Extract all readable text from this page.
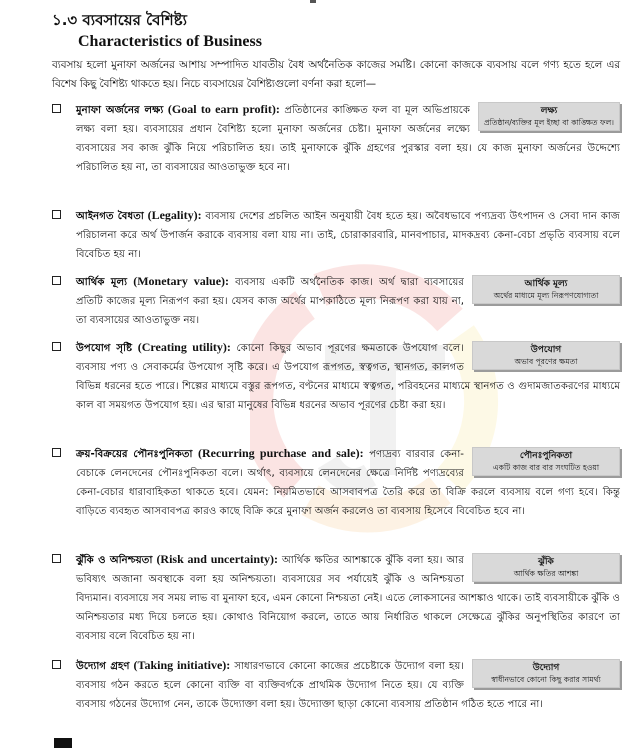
১.৩ ব্যবসায়ের বৈশিষ্ট্য
Characteristics of Business
ব্যবসায় হলো মুনাফা অর্জনের আশায় সম্পাদিত যাবতীয় বৈধ অর্থনৈতিক কাজের সমষ্টি। কোনো কাজকে ব্যবসায় বলে গণ্য হতে হলে এর বিশেষ কিছু বৈশিষ্ট্য থাকতে হয়। নিচে ব্যবসায়ের বৈশিষ্ট্যগুলো বর্ণনা করা হলো—
লক্ষ্য
প্রতিষ্ঠান/ব্যক্তির মূল ইচ্ছা বা কাঙ্ক্ষিত ফল।
মুনাফা অর্জনের লক্ষ্য (Goal to earn profit): প্রতিষ্ঠানের কাঙ্ক্ষিত ফল বা মূল অভিপ্রায়কে লক্ষ্য বলা হয়। ব্যবসায়ের প্রধান বৈশিষ্ট্য হলো মুনাফা অর্জনের চেষ্টা। মুনাফা অর্জনের লক্ষ্যে ব্যবসায়ের সব কাজ ঝুঁকি নিয়ে পরিচালিত হয়। তাই মুনাফাকে ঝুঁকি গ্রহণের পুরস্কার বলা হয়। যে কাজ মুনাফা অর্জনের উদ্দেশ্যে পরিচালিত হয় না, তা ব্যবসায়ের আওতাভুক্ত হবে না।
আইনগত বৈধতা (Legality): ব্যবসায় দেশের প্রচলিত আইন অনুযায়ী বৈধ হতে হয়। অবৈধভাবে পণ্যদ্রব্য উৎপাদন ও সেবা দান কাজ পরিচালনা করে অর্থ উপার্জন করাকে ব্যবসায় বলা যায় না। তাই, চোরাকারবারি, মানবপাচার, মাদকদ্রব্য কেনা-বেচা প্রভৃতি ব্যবসায় বলে বিবেচিত হয় না।
আর্থিক মূল্য
অর্থের মাধ্যমে মূল্য নিরূপণযোগ্যতা
আর্থিক মূল্য (Monetary value): ব্যবসায় একটি অর্থনৈতিক কাজ। অর্থ দ্বারা ব্যবসায়ের প্রতিটি কাজের মূল্য নিরূপণ করা হয়। যেসব কাজ অর্থের মাপকাঠিতে মূল্য নিরূপণ করা যায় না, তা ব্যবসায়ের আওতাভুক্ত নয়।
উপযোগ
অভাব পূরণের ক্ষমতা
উপযোগ সৃষ্টি (Creating utility): কোনো কিছুর অভাব পূরণের ক্ষমতাকে উপযোগ বলে। ব্যবসায় পণ্য ও সেবাকর্মের উপযোগ সৃষ্টি করে। এ উপযোগ রূপগত, স্বত্বগত, স্থানগত, কালগত বিভিন্ন ধরনের হতে পারে। শিল্পের মাধ্যমে বস্তুর রূপগত, বণ্টনের মাধ্যমে স্বত্বগত, পরিবহনের মাধ্যমে স্থানগত ও গুদামজাতকরণের মাধ্যমে কাল বা সময়গত উপযোগ হয়। এর দ্বারা মানুষের বিভিন্ন ধরনের অভাব পূরণের চেষ্টা করা হয়।
পৌনঃপুনিকতা
একটি কাজ বার বার সংঘটিত হওয়া
ক্রয়-বিক্রয়ের পৌনঃপুনিকতা (Recurring purchase and sale): পণ্যদ্রব্য বারবার কেনা-বেচাকে লেনদেনের পৌনঃপুনিকতা বলে। অর্থাৎ, ব্যবসায়ে লেনদেনের ক্ষেত্রে নির্দিষ্ট পণ্যদ্রব্যের কেনা-বেচার ধারাবাহিকতা থাকতে হবে। যেমন: নিয়মিতভাবে আসবাবপত্র তৈরি করে তা বিক্রি করলে ব্যবসায় বলে গণ্য হবে। কিন্তু বাড়িতে ব্যবহৃত আসবাবপত্র কারও কাছে বিক্রি করে মুনাফা অর্জন করলেও তা ব্যবসায় হিসেবে বিবেচিত হবে না।
ঝুঁকি
আর্থিক ক্ষতির আশঙ্কা
ঝুঁকি ও অনিশ্চয়তা (Risk and uncertainty): আর্থিক ক্ষতির আশঙ্কাকে ঝুঁকি বলা হয়। আর ভবিষ্যৎ অজানা অবস্থাকে বলা হয় অনিশ্চয়তা। ব্যবসায়ের সব পর্যায়েই ঝুঁকি ও অনিশ্চয়তা বিদ্যমান। ব্যবসায়ে সব সময় লাভ বা মুনাফা হবে, এমন কোনো নিশ্চয়তা নেই। এতে লোকসানের আশঙ্কাও থাকে। তাই ব্যবসায়ীকে ঝুঁকি ও অনিশ্চয়তার মধ্য দিয়ে চলতে হয়। কোথাও বিনিয়োগ করলে, তাতে আয় নির্ধারিত থাকলে সেক্ষেত্রে ঝুঁকির অনুপস্থিতির কারণে তা ব্যবসায় বলে বিবেচিত হয় না।
উদ্যোগ
স্বাধীনভাবে কোনো কিছু করার সামর্থ্য
উদ্যোগ গ্রহণ (Taking initiative): সাধারণভাবে কোনো কাজের প্রচেষ্টাকে উদ্যোগ বলা হয়। ব্যবসায় গঠন করতে হলে কোনো ব্যক্তি বা ব্যক্তিবর্গকে প্রাথমিক উদ্যোগ নিতে হয়। যে ব্যক্তি ব্যবসায় গঠনের উদ্যোগ নেন, তাকে উদ্যোক্তা বলা হয়। উদ্যোক্তা ছাড়া কোনো ব্যবসায় প্রতিষ্ঠান গঠিত হতে পারে না।
